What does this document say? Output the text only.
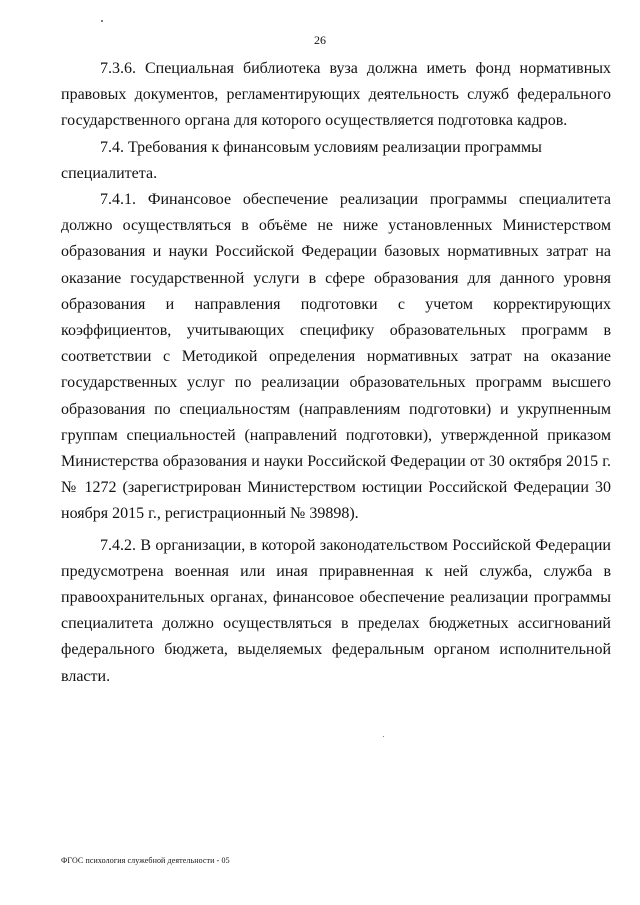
26

7.3.6. Специальная библиотека вуза должна иметь фонд нормативных правовых документов, регламентирующих деятельность служб федерального государственного органа для которого осуществляется подготовка кадров.

7.4. Требования к финансовым условиям реализации программы специалитета.

7.4.1. Финансовое обеспечение реализации программы специалитета должно осуществляться в объёме не ниже установленных Министерством образования и науки Российской Федерации базовых нормативных затрат на оказание государственной услуги в сфере образования для данного уровня образования и направления подготовки с учетом корректирующих коэффициентов, учитывающих специфику образовательных программ в соответствии с Методикой определения нормативных затрат на оказание государственных услуг по реализации образовательных программ высшего образования по специальностям (направлениям подготовки) и укрупненным группам специальностей (направлений подготовки), утвержденной приказом Министерства образования и науки Российской Федерации от 30 октября 2015 г. № 1272 (зарегистрирован Министерством юстиции Российской Федерации 30 ноября 2015 г., регистрационный № 39898).

7.4.2. В организации, в которой законодательством Российской Федерации предусмотрена военная или иная приравненная к ней служба, служба в правоохранительных органах, финансовое обеспечение реализации программы специалитета должно осуществляться в пределах бюджетных ассигнований федерального бюджета, выделяемых федеральным органом исполнительной власти.

ФГОС психология служебной деятельности - 05
